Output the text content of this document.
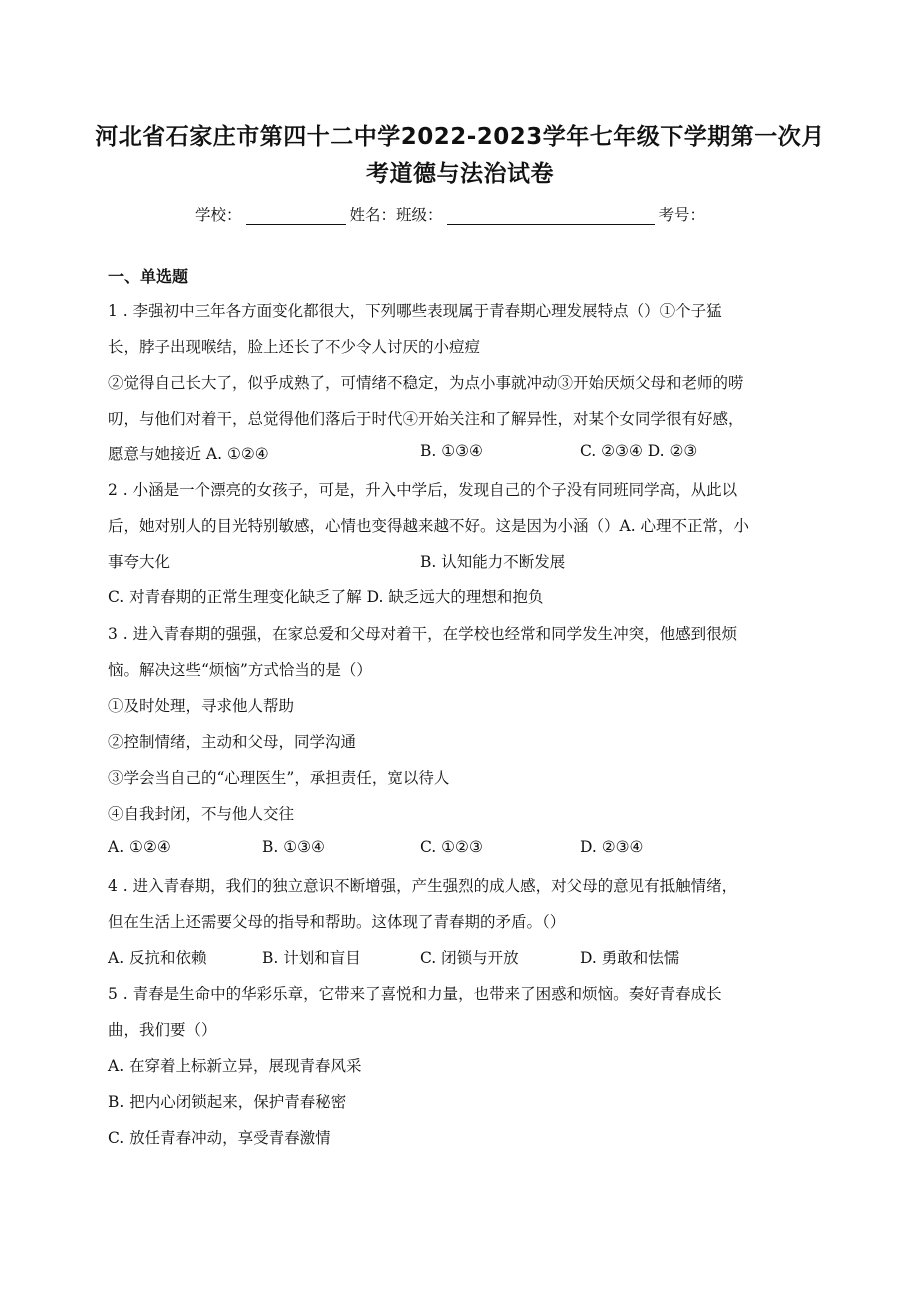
河北省石家庄市第四十二中学2022-2023学年七年级下学期第一次月
考道德与法治试卷
学校：	姓名：班级：	考号：
一、单选题
1 . 李强初中三年各方面变化都很大，下列哪些表现属于青春期心理发展特点（）①个子猛
长，脖子出现喉结，脸上还长了不少令人讨厌的小痘痘
②觉得自己长大了，似乎成熟了，可情绪不稳定，为点小事就冲动③开始厌烦父母和老师的唠
叨，与他们对着干，总觉得他们落后于时代④开始关注和了解异性，对某个女同学很有好感，
愿意与她接近 A. ①②④	B. ①③④	C. ②③④ D. ②③
2 . 小涵是一个漂亮的女孩子，可是，升入中学后，发现自己的个子没有同班同学高，从此以
后，她对别人的目光特别敏感，心情也变得越来越不好。这是因为小涵（）A. 心理不正常，小
事夸大化	B. 认知能力不断发展
C. 对青春期的正常生理变化缺乏了解 D. 缺乏远大的理想和抱负
3 . 进入青春期的强强，在家总爱和父母对着干，在学校也经常和同学发生冲突，他感到很烦
恼。解决这些“烦恼”方式恰当的是（）
①及时处理，寻求他人帮助
②控制情绪，主动和父母，同学沟通
③学会当自己的“心理医生”，承担责任，宽以待人
④自我封闭，不与他人交往
A. ①②④	B. ①③④	C. ①②③	D. ②③④
4 . 进入青春期，我们的独立意识不断增强，产生强烈的成人感，对父母的意见有抵触情绪，
但在生活上还需要父母的指导和帮助。这体现了青春期的矛盾。（）
A. 反抗和依赖	B. 计划和盲目	C. 闭锁与开放	D. 勇敢和怯懦
5 . 青春是生命中的华彩乐章，它带来了喜悦和力量，也带来了困惑和烦恼。奏好青春成长
曲，我们要（）
A. 在穿着上标新立异，展现青春风采
B. 把内心闭锁起来，保护青春秘密
C. 放任青春冲动，享受青春激情
